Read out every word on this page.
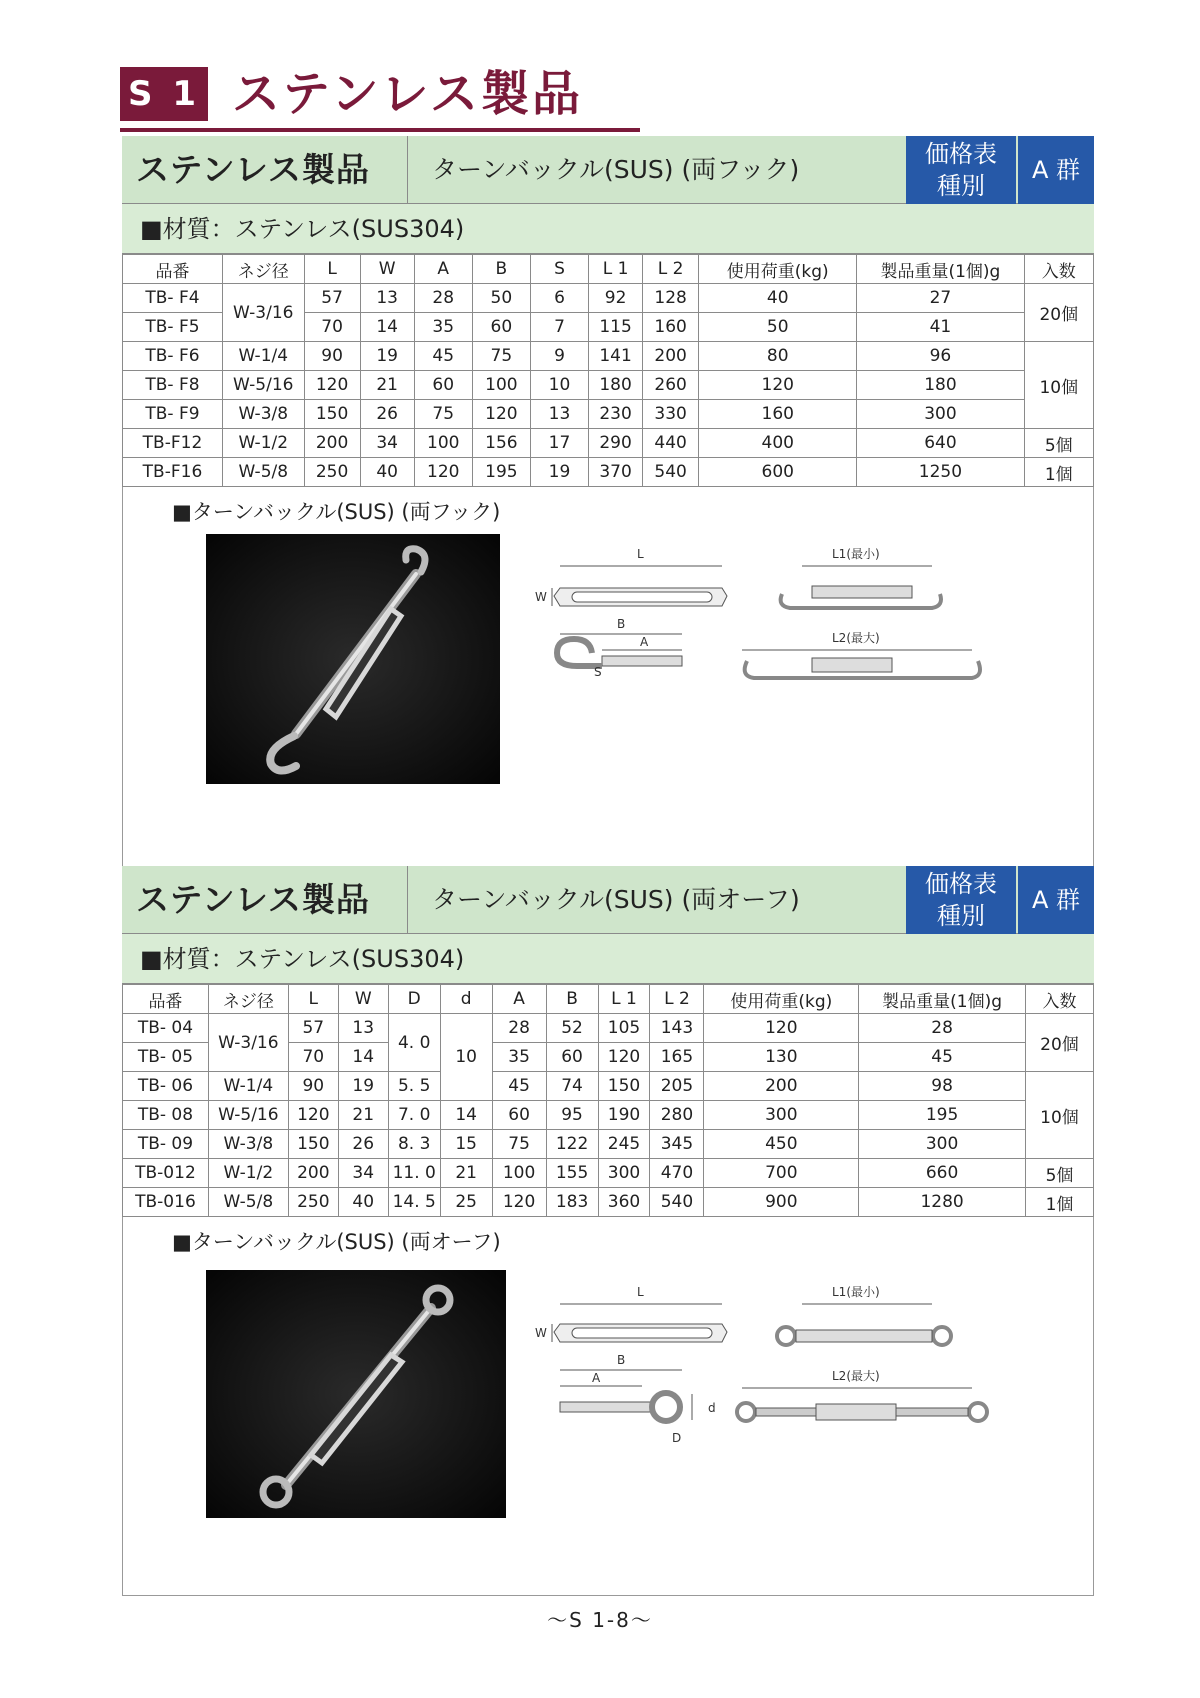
S 1 ステンレス製品
ステンレス製品	ターンバックル(SUS) (両フック)
価格表
種別
A 群
■材質：ステンレス(SUS304)
品番	ネジ径	L	W	A	B	S	L 1	L 2	使用荷重(kg)	製品重量(1個)g	入数
TB- F4	W-3/16	57	13	28	50	6	92	128	40	27	20個
TB- F5		70	14	35	60	7	115	160	50	41	
TB- F6	W-1/4	90	19	45	75	9	141	200	80	96	10個
TB- F8	W-5/16	120	21	60	100	10	180	260	120	180	
TB- F9	W-3/8	150	26	75	120	13	230	330	160	300	
TB-F12	W-1/2	200	34	100	156	17	290	440	400	640	5個
TB-F16	W-5/8	250	40	120	195	19	370	540	600	1250	1個
■ターンバックル(SUS) (両フック)
L
W
B
A
S
L1(最小)
L2(最大)
ステンレス製品	ターンバックル(SUS) (両オーフ)
価格表
種別
A 群
■材質：ステンレス(SUS304)
品番	ネジ径	L	W	D	d	A	B	L 1	L 2	使用荷重(kg)	製品重量(1個)g	入数
TB- 04	W-3/16	57	13	4. 0	10	28	52	105	143	120	28	20個
TB- 05		70	14			35	60	120	165	130	45	
TB- 06	W-1/4	90	19	5. 5		45	74	150	205	200	98	10個
TB- 08	W-5/16	120	21	7. 0	14	60	95	190	280	300	195	
TB- 09	W-3/8	150	26	8. 3	15	75	122	245	345	450	300	
TB-012	W-1/2	200	34	11. 0	21	100	155	300	470	700	660	5個
TB-016	W-5/8	250	40	14. 5	25	120	183	360	540	900	1280	1個
■ターンバックル(SUS) (両オーフ)
L
W
B
A
d
D
L1(最小)
L2(最大)
〜S 1-8〜
